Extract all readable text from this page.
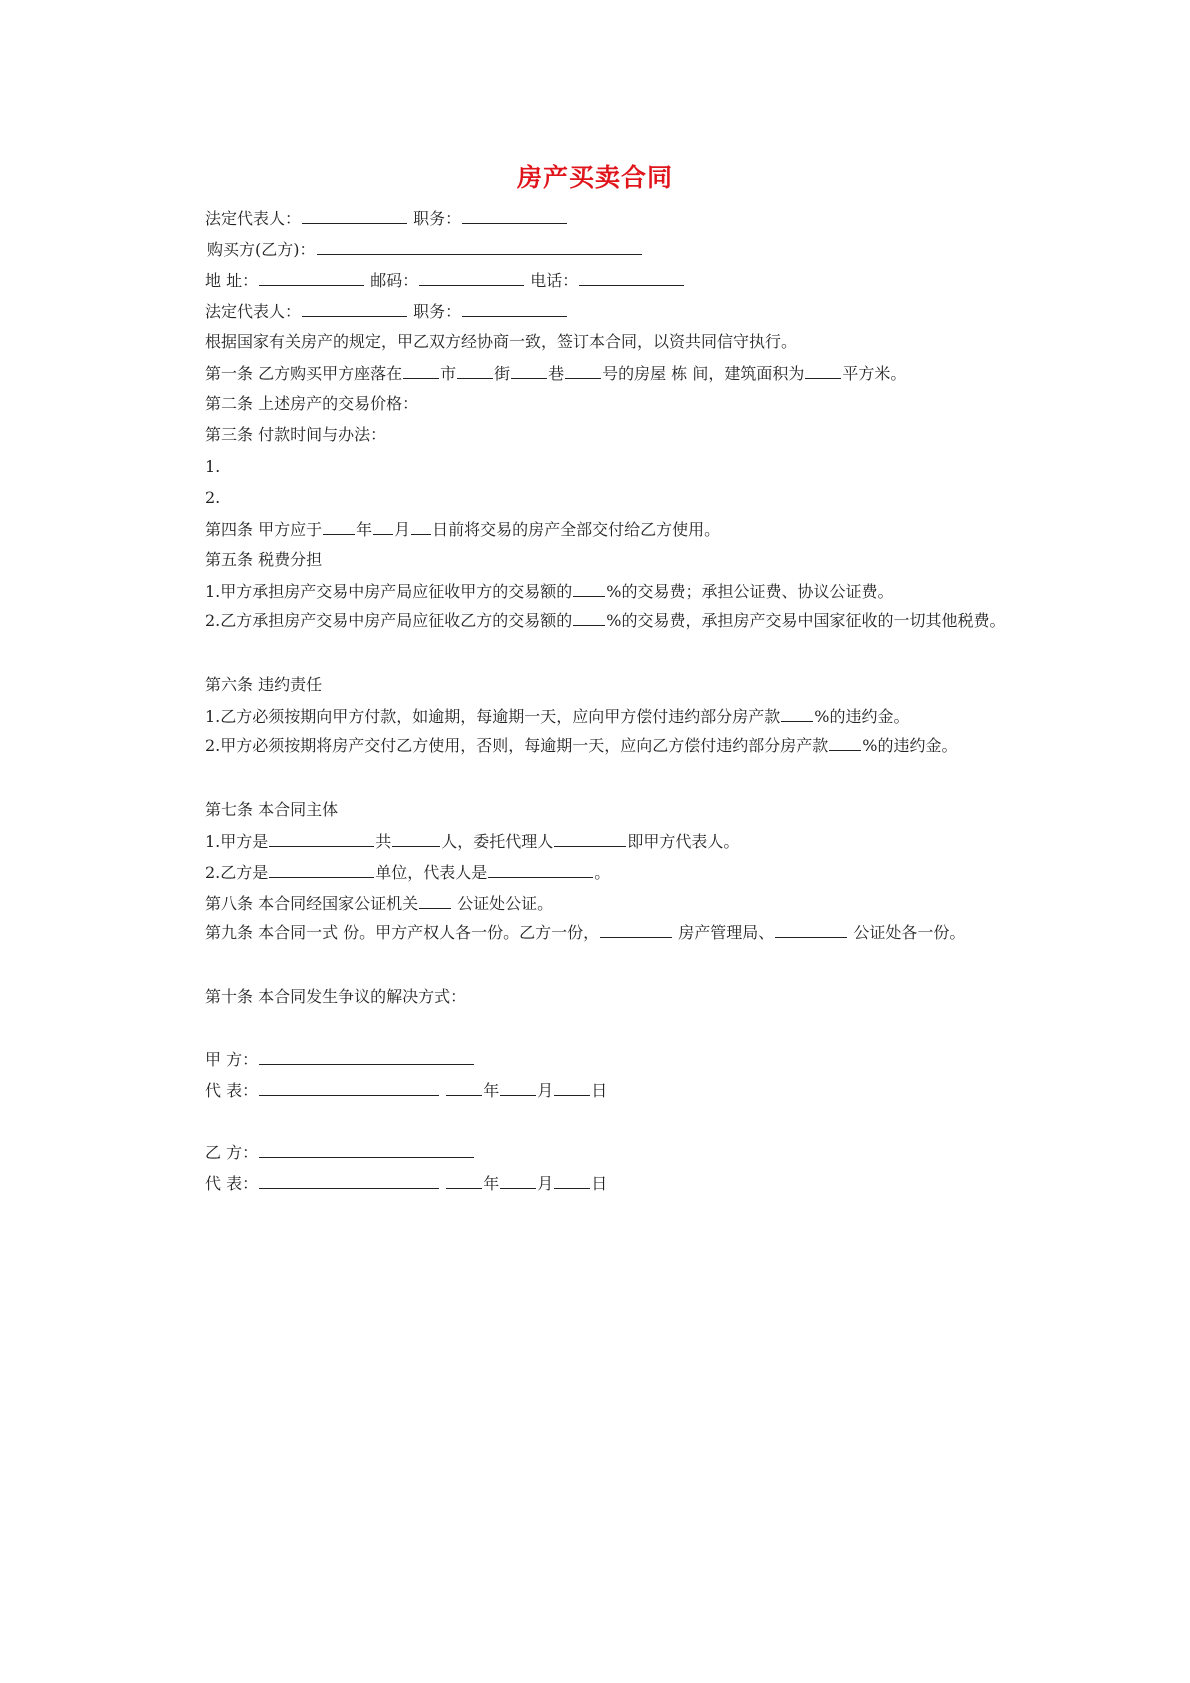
房产买卖合同
法定代表人：	职务：
购买方(乙方)：
地 址：	邮码：	电话：
法定代表人：	职务：
根据国家有关房产的规定，甲乙双方经协商一致，签订本合同，以资共同信守执行。
第一条 乙方购买甲方座落在 市 街 巷 号的房屋 栋 间，建筑面积为 平方米。
第二条 上述房产的交易价格：
第三条 付款时间与办法：
1.
2.
第四条 甲方应于 年 月 日前将交易的房产全部交付给乙方使用。
第五条 税费分担
1.甲方承担房产交易中房产局应征收甲方的交易额的 %的交易费；承担公证费、协议公证费。
2.乙方承担房产交易中房产局应征收乙方的交易额的 %的交易费，承担房产交易中国家征收的一切其他税费。
第六条 违约责任
1.乙方必须按期向甲方付款，如逾期，每逾期一天，应向甲方偿付违约部分房产款 %的违约金。
2.甲方必须按期将房产交付乙方使用，否则，每逾期一天，应向乙方偿付违约部分房产款 %的违约金。
第七条 本合同主体
1.甲方是	共	人，委托代理人	即甲方代表人。
2.乙方是	单位，代表人是	。
第八条 本合同经国家公证机关 公证处公证。
第九条 本合同一式 份。甲方产权人各一份。乙方一份，	房产管理局、	公证处各一份。
第十条 本合同发生争议的解决方式：
甲 方：
代 表：	年 月 日
乙 方：
代 表：	年 月 日
